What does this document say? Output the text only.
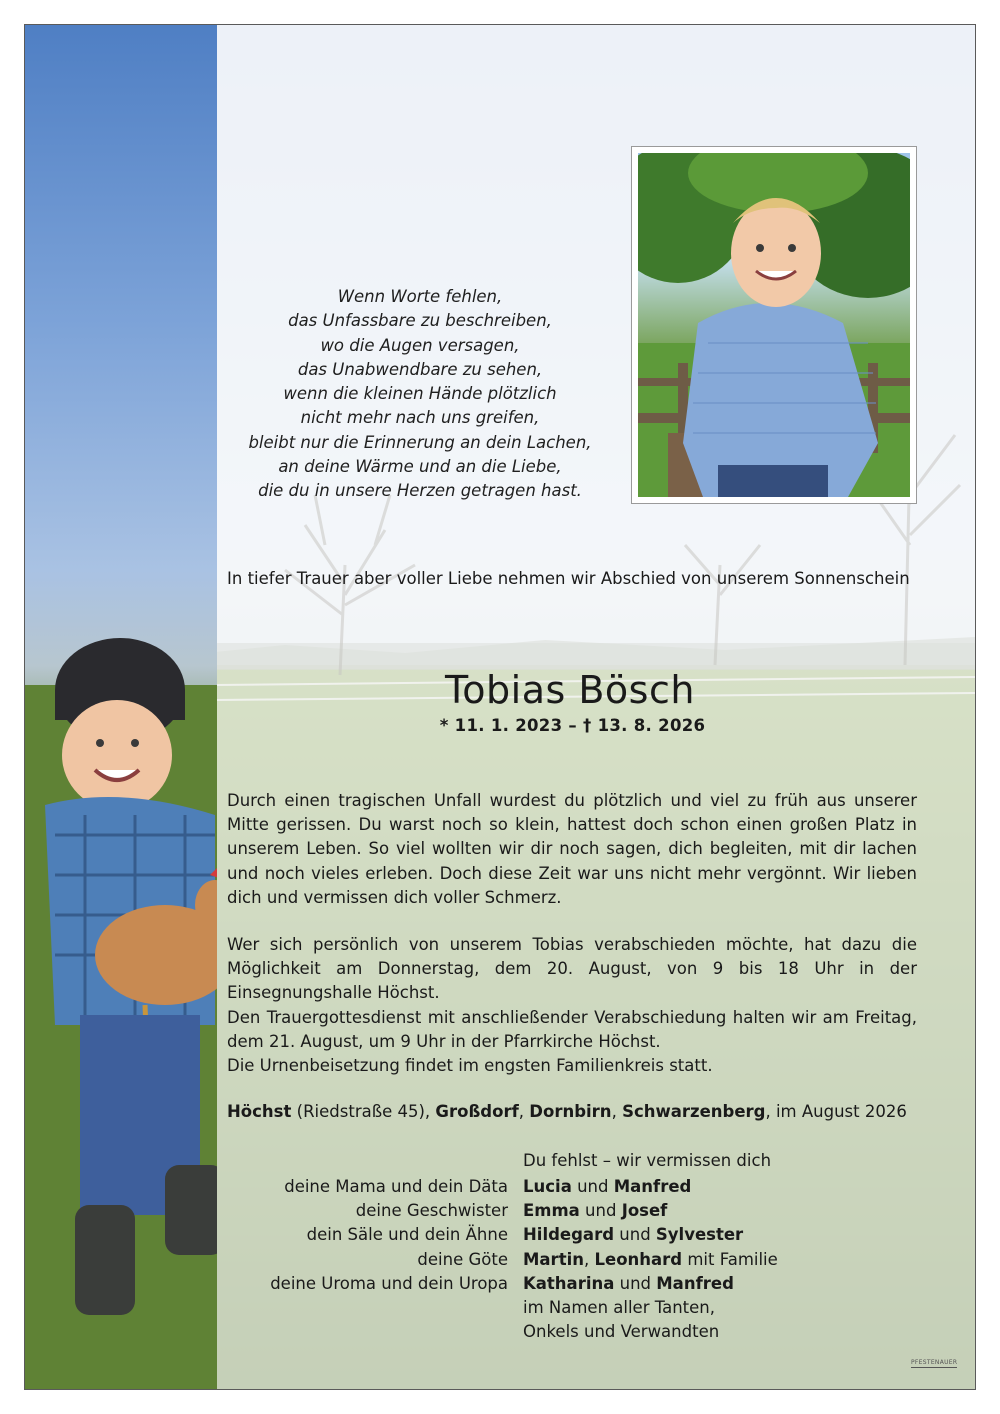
Wenn Worte fehlen,
das Unfassbare zu beschreiben,
wo die Augen versagen,
das Unabwendbare zu sehen,
wenn die kleinen Hände plötzlich
nicht mehr nach uns greifen,
bleibt nur die Erinnerung an dein Lachen,
an deine Wärme und an die Liebe,
die du in unsere Herzen getragen hast.
In tiefer Trauer aber voller Liebe nehmen wir Abschied von unserem Sonnenschein
Tobias Bösch
* 11. 1. 2023 – † 13. 8. 2026
Durch einen tragischen Unfall wurdest du plötzlich und viel zu früh aus unserer Mitte gerissen. Du warst noch so klein, hattest doch schon einen großen Platz in unserem Leben. So viel wollten wir dir noch sagen, dich begleiten, mit dir lachen und noch vieles erleben. Doch diese Zeit war uns nicht mehr vergönnt. Wir lieben dich und vermissen dich voller Schmerz.
Wer sich persönlich von unserem Tobias verabschieden möchte, hat dazu die Möglichkeit am Donnerstag, dem 20. August, von 9 bis 18 Uhr in der Einsegnungshalle Höchst.
Den Trauergottesdienst mit anschließender Verabschiedung halten wir am Freitag, dem 21. August, um 9 Uhr in der Pfarrkirche Höchst.
Die Urnenbeisetzung findet im engsten Familienkreis statt.
Höchst (Riedstraße 45), Großdorf, Dornbirn, Schwarzenberg, im August 2026
Du fehlst – wir vermissen dich
deine Mama und dein Däta
deine Geschwister
dein Säle und dein Ähne
deine Göte
deine Uroma und dein Uropa
Lucia und Manfred
Emma und Josef
Hildegard und Sylvester
Martin, Leonhard mit Familie
Katharina und Manfred
im Namen aller Tanten,
Onkels und Verwandten
PFESTENAUER
